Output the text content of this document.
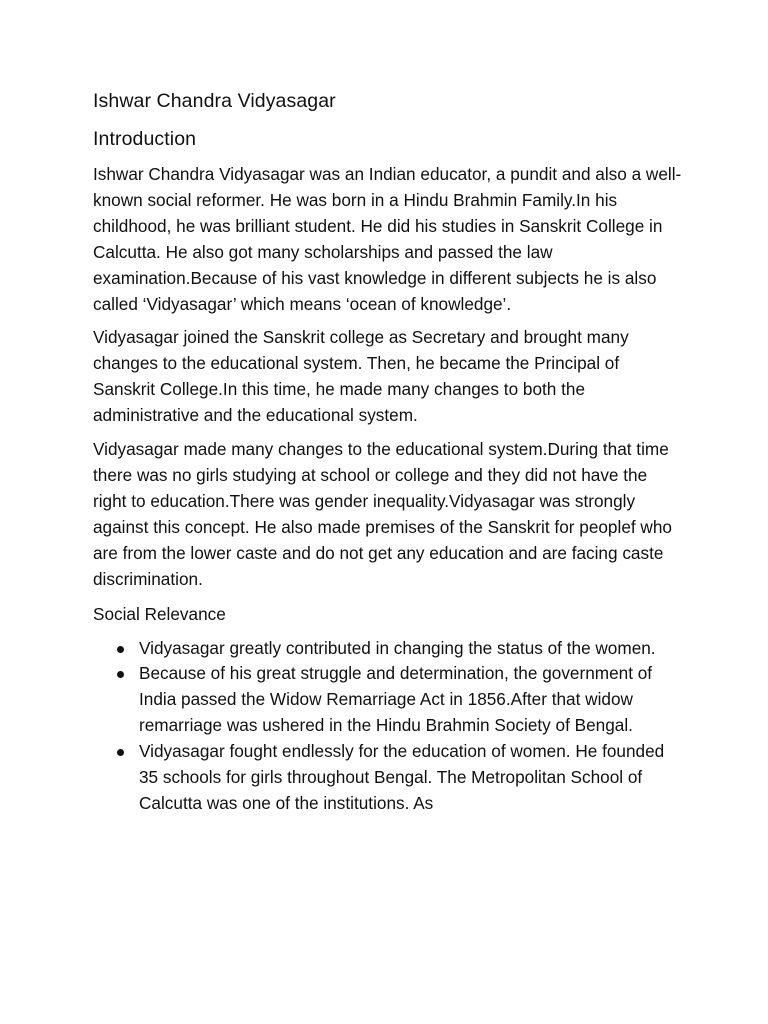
Ishwar Chandra Vidyasagar
Introduction

Ishwar Chandra Vidyasagar was an Indian educator, a pundit and also a well-known social reformer. He was born in a Hindu Brahmin Family.In his childhood, he was brilliant student. He did his studies in Sanskrit College in Calcutta. He also got many scholarships and passed the law examination.Because of his vast knowledge in different subjects he is also called ‘Vidyasagar’ which means ‘ocean of knowledge’.

Vidyasagar joined the Sanskrit college as Secretary and brought many changes to the educational system. Then, he became the Principal of Sanskrit College.In this time, he made many changes to both the administrative and the educational system.

Vidyasagar made many changes to the educational system.During that time there was no girls studying at school or college and they did not have the right to education.There was gender inequality.Vidyasagar was strongly against this concept. He also made premises of the Sanskrit for peoplef who are from the lower caste and do not get any education and are facing caste discrimination.

Social Relevance
Vidyasagar greatly contributed in changing the status of the women.
Because of his great struggle and determination, the government of India passed the Widow Remarriage Act in 1856.After that widow remarriage was ushered in the Hindu Brahmin Society of Bengal.
Vidyasagar fought endlessly for the education of women. He founded 35 schools for girls throughout Bengal. The Metropolitan School of Calcutta was one of the institutions. As
